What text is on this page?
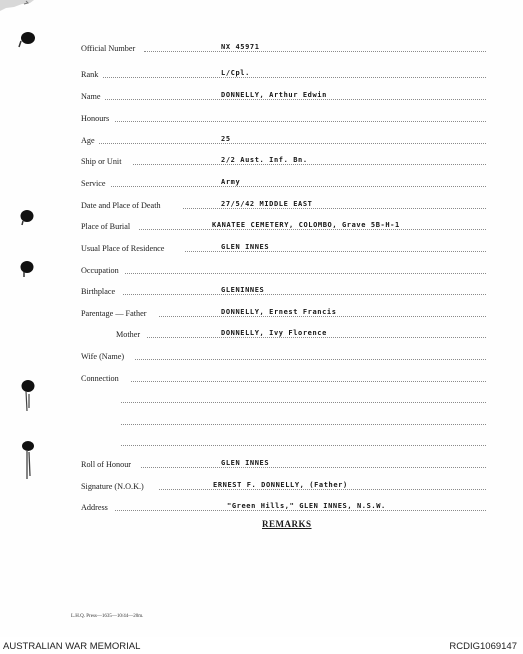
Official Number	NX 45971
Rank	L/Cpl.
Name	DONNELLY, Arthur Edwin
Honours
Age	25
Ship or Unit	2/2 Aust. Inf. Bn.
Service	Army
Date and Place of Death	27/5/42 MIDDLE EAST
Place of Burial	KANATEE CEMETERY, COLOMBO, Grave 5B-H-1
Usual Place of Residence	GLEN INNES
Occupation
Birthplace	GLENINNES
Parentage — Father	DONNELLY, Ernest Francis
Mother	DONNELLY, Ivy Florence
Wife (Name)
Connection
Roll of Honour	GLEN INNES
Signature (N.O.K.)	ERNEST F. DONNELLY, (Father)
Address	"Green Hills," GLEN INNES, N.S.W.
REMARKS
L.H.Q. Press—1635—10/44—20m.
AUSTRALIAN WAR MEMORIAL	RCDIG1069147
